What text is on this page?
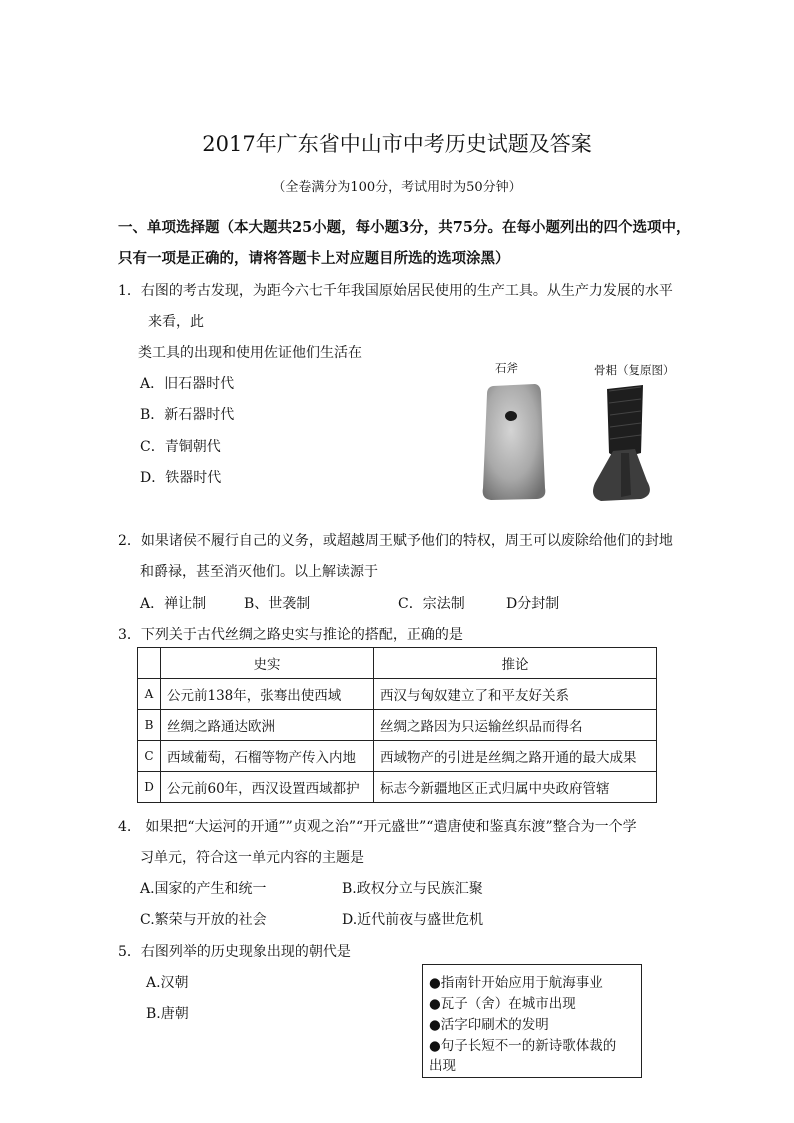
2017年广东省中山市中考历史试题及答案
（全卷满分为100分，考试用时为50分钟）
一、单项选择题（本大题共25小题，每小题3分，共75分。在每小题列出的四个选项中，
只有一项是正确的，请将答题卡上对应题目所选的选项涂黑）
1．右图的考古发现，为距今六七千年我国原始居民使用的生产工具。从生产力发展的水平
来看，此
类工具的出现和使用佐证他们生活在
A．旧石器时代
B．新石器时代
C．青铜朝代
D．铁器时代
石斧	骨耜（复原图）
2．如果诸侯不履行自己的义务，或超越周王赋予他们的特权，周王可以废除给他们的封地
和爵禄，甚至消灭他们。以上解读源于
A．禅让制	B、世袭制	C．宗法制	D分封制
3．下列关于古代丝绸之路史实与推论的搭配，正确的是
	史实	推论
A	公元前138年，张骞出使西域	西汉与匈奴建立了和平友好关系
B	丝绸之路通达欧洲	丝绸之路因为只运输丝织品而得名
C	西域葡萄，石榴等物产传入内地	西域物产的引进是丝绸之路开通的最大成果
D	公元前60年，西汉设置西域都护	标志今新疆地区正式归属中央政府管辖
4.　如果把“大运河的开通””贞观之治”“开元盛世”“遣唐使和鉴真东渡”整合为一个学
习单元，符合这一单元内容的主题是
A.国家的产生和统一	B.政权分立与民族汇聚
C.繁荣与开放的社会	D.近代前夜与盛世危机
5．右图列举的历史现象出现的朝代是
A.汉朝
B.唐朝
●指南针开始应用于航海事业
●瓦子（舍）在城市出现
●活字印刷术的发明
●句子长短不一的新诗歌体裁的
出现
